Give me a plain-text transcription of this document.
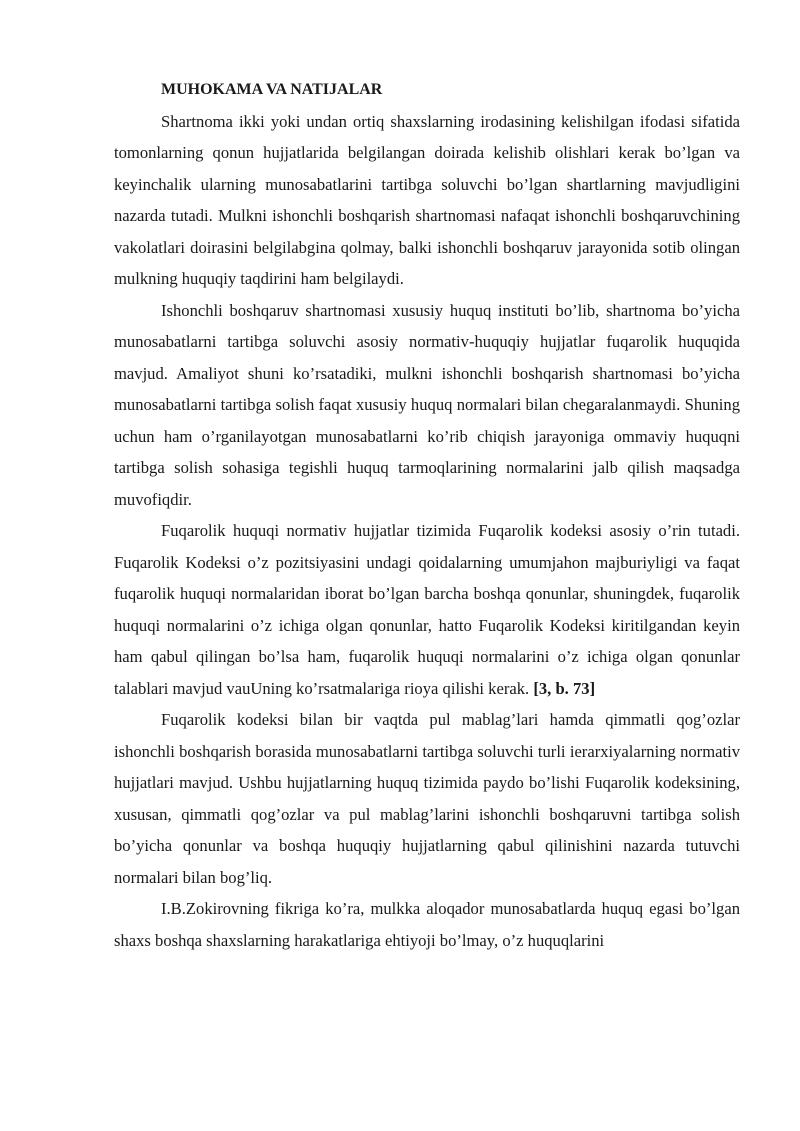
MUHOKAMA VA NATIJALAR

Shartnoma ikki yoki undan ortiq shaxslarning irodasining kelishilgan ifodasi sifatida tomonlarning qonun hujjatlarida belgilangan doirada kelishib olishlari kerak bo’lgan va keyinchalik ularning munosabatlarini tartibga soluvchi bo’lgan shartlarning mavjudligini nazarda tutadi. Mulkni ishonchli boshqarish shartnomasi nafaqat ishonchli boshqaruvchining vakolatlari doirasini belgilabgina qolmay, balki ishonchli boshqaruv jarayonida sotib olingan mulkning huquqiy taqdirini ham belgilaydi.

Ishonchli boshqaruv shartnomasi xususiy huquq instituti bo’lib, shartnoma bo’yicha munosabatlarni tartibga soluvchi asosiy normativ-huquqiy hujjatlar fuqarolik huquqida mavjud. Amaliyot shuni ko’rsatadiki, mulkni ishonchli boshqarish shartnomasi bo’yicha munosabatlarni tartibga solish faqat xususiy huquq normalari bilan chegaralanmaydi. Shuning uchun ham o’rganilayotgan munosabatlarni ko’rib chiqish jarayoniga ommaviy huquqni tartibga solish sohasiga tegishli huquq tarmoqlarining normalarini jalb qilish maqsadga muvofiqdir.

Fuqarolik huquqi normativ hujjatlar tizimida Fuqarolik kodeksi asosiy o’rin tutadi. Fuqarolik Kodeksi o’z pozitsiyasini undagi qoidalarning umumjahon majburiyligi va faqat fuqarolik huquqi normalaridan iborat bo’lgan barcha boshqa qonunlar, shuningdek, fuqarolik huquqi normalarini o’z ichiga olgan qonunlar, hatto Fuqarolik Kodeksi kiritilgandan keyin ham qabul qilingan bo’lsa ham, fuqarolik huquqi normalarini o’z ichiga olgan qonunlar talablari mavjud vauUning ko’rsatmalariga rioya qilishi kerak. [3, b. 73]

Fuqarolik kodeksi bilan bir vaqtda pul mablag’lari hamda qimmatli qog’ozlar ishonchli boshqarish borasida munosabatlarni tartibga soluvchi turli ierarxiyalarning normativ hujjatlari mavjud. Ushbu hujjatlarning huquq tizimida paydo bo’lishi Fuqarolik kodeksining, xususan, qimmatli qog’ozlar va pul mablag’larini ishonchli boshqaruvni tartibga solish bo’yicha qonunlar va boshqa huquqiy hujjatlarning qabul qilinishini nazarda tutuvchi normalari bilan bog’liq.

I.B.Zokirovning fikriga ko’ra, mulkka aloqador munosabatlarda huquq egasi bo’lgan shaxs boshqa shaxslarning harakatlariga ehtiyoji bo’lmay, o’z huquqlarini
